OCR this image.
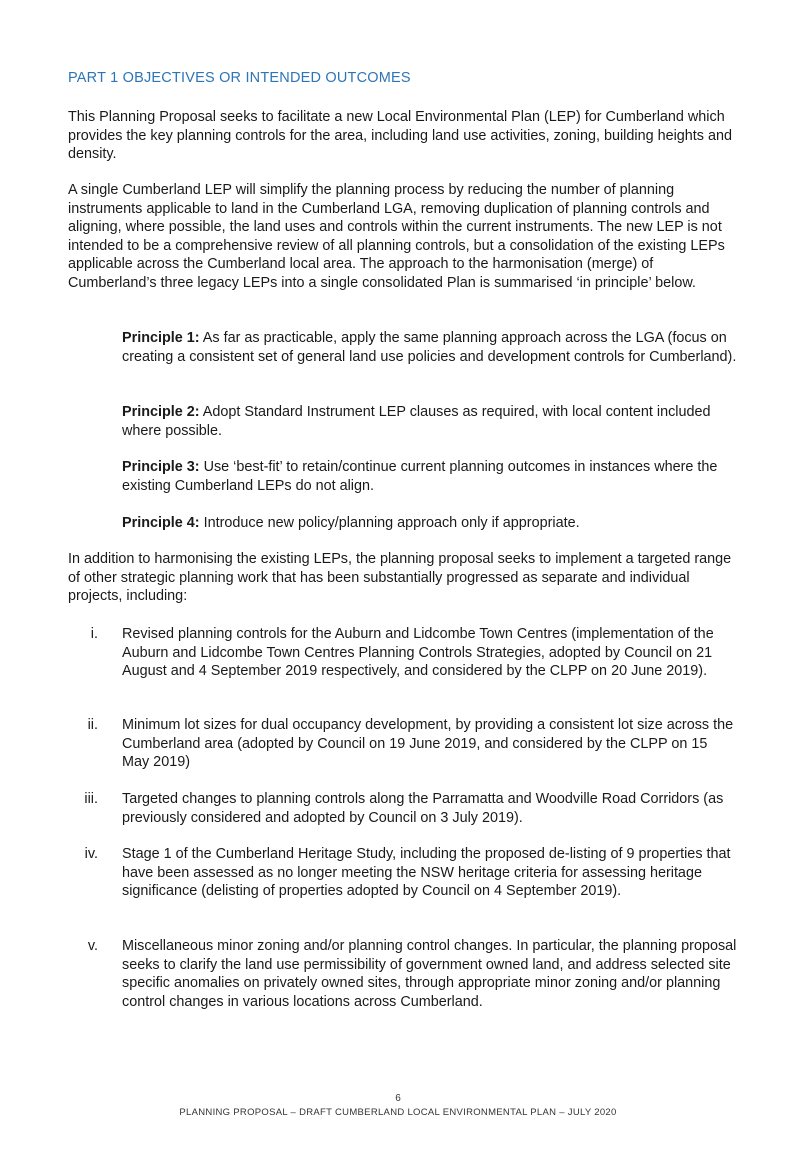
PART 1 OBJECTIVES OR INTENDED OUTCOMES

This Planning Proposal seeks to facilitate a new Local Environmental Plan (LEP) for Cumberland which provides the key planning controls for the area, including land use activities, zoning, building heights and density.

A single Cumberland LEP will simplify the planning process by reducing the number of planning instruments applicable to land in the Cumberland LGA, removing duplication of planning controls and aligning, where possible, the land uses and controls within the current instruments. The new LEP is not intended to be a comprehensive review of all planning controls, but a consolidation of the existing LEPs applicable across the Cumberland local area. The approach to the harmonisation (merge) of Cumberland’s three legacy LEPs into a single consolidated Plan is summarised ‘in principle’ below.

Principle 1: As far as practicable, apply the same planning approach across the LGA (focus on creating a consistent set of general land use policies and development controls for Cumberland).

Principle 2: Adopt Standard Instrument LEP clauses as required, with local content included where possible.

Principle 3: Use ‘best-fit’ to retain/continue current planning outcomes in instances where the existing Cumberland LEPs do not align.

Principle 4: Introduce new policy/planning approach only if appropriate.

In addition to harmonising the existing LEPs, the planning proposal seeks to implement a targeted range of other strategic planning work that has been substantially progressed as separate and individual projects, including:

i. Revised planning controls for the Auburn and Lidcombe Town Centres (implementation of the Auburn and Lidcombe Town Centres Planning Controls Strategies, adopted by Council on 21 August and 4 September 2019 respectively, and considered by the CLPP on 20 June 2019).
ii. Minimum lot sizes for dual occupancy development, by providing a consistent lot size across the Cumberland area (adopted by Council on 19 June 2019, and considered by the CLPP on 15 May 2019)
iii. Targeted changes to planning controls along the Parramatta and Woodville Road Corridors (as previously considered and adopted by Council on 3 July 2019).
iv. Stage 1 of the Cumberland Heritage Study, including the proposed de-listing of 9 properties that have been assessed as no longer meeting the NSW heritage criteria for assessing heritage significance (delisting of properties adopted by Council on 4 September 2019).
v. Miscellaneous minor zoning and/or planning control changes. In particular, the planning proposal seeks to clarify the land use permissibility of government owned land, and address selected site specific anomalies on privately owned sites, through appropriate minor zoning and/or planning control changes in various locations across Cumberland.
6
PLANNING PROPOSAL – DRAFT CUMBERLAND LOCAL ENVIRONMENTAL PLAN – JULY 2020
